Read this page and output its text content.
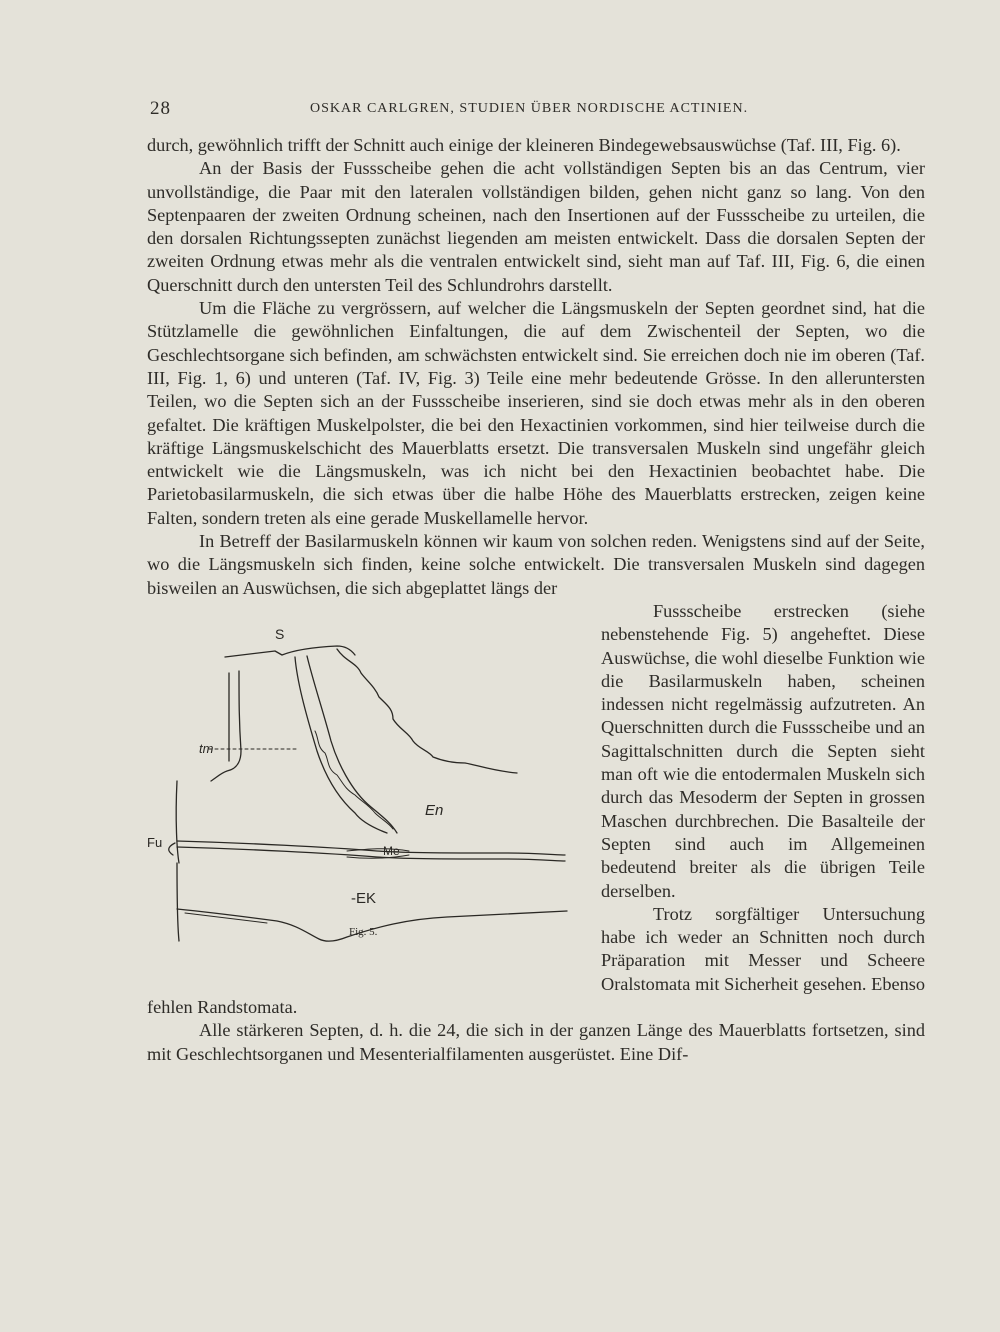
28	OSKAR CARLGREN, STUDIEN ÜBER NORDISCHE ACTINIEN.

durch, gewöhnlich trifft der Schnitt auch einige der kleineren Bindegewebsauswüchse (Taf. III, Fig. 6).

An der Basis der Fussscheibe gehen die acht vollständigen Septen bis an das Centrum, vier unvollständige, die Paar mit den lateralen vollständigen bilden, gehen nicht ganz so lang. Von den Septenpaaren der zweiten Ordnung scheinen, nach den Insertionen auf der Fussscheibe zu urteilen, die den dorsalen Richtungssepten zunächst liegenden am meisten entwickelt. Dass die dorsalen Septen der zweiten Ordnung etwas mehr als die ventralen entwickelt sind, sieht man auf Taf. III, Fig. 6, die einen Querschnitt durch den untersten Teil des Schlundrohrs darstellt.

Um die Fläche zu vergrössern, auf welcher die Längsmuskeln der Septen geordnet sind, hat die Stützlamelle die gewöhnlichen Einfaltungen, die auf dem Zwischenteil der Septen, wo die Geschlechtsorgane sich befinden, am schwächsten entwickelt sind. Sie erreichen doch nie im oberen (Taf. III, Fig. 1, 6) und unteren (Taf. IV, Fig. 3) Teile eine mehr bedeutende Grösse. In den alleruntersten Teilen, wo die Septen sich an der Fussscheibe inserieren, sind sie doch etwas mehr als in den oberen gefaltet. Die kräftigen Muskelpolster, die bei den Hexactinien vorkommen, sind hier teilweise durch die kräftige Längsmuskelschicht des Mauerblatts ersetzt. Die transversalen Muskeln sind ungefähr gleich entwickelt wie die Längsmuskeln, was ich nicht bei den Hexactinien beobachtet habe. Die Parietobasilarmuskeln, die sich etwas über die halbe Höhe des Mauerblatts erstrecken, zeigen keine Falten, sondern treten als eine gerade Muskellamelle hervor.

In Betreff der Basilarmuskeln können wir kaum von solchen reden. Wenigstens sind auf der Seite, wo die Längsmuskeln sich finden, keine solche entwickelt. Die transversalen Muskeln sind dagegen bisweilen an Auswüchsen, die sich abgeplattet längs der

S
tm
En
Fu
Me
-EK
Fig. 5.

Fussscheibe erstrecken (siehe nebenstehende Fig. 5) angeheftet. Diese Auswüchse, die wohl dieselbe Funktion wie die Basilarmuskeln haben, scheinen indessen nicht regelmässig aufzutreten. An Querschnitten durch die Fussscheibe und an Sagittalschnitten durch die Septen sieht man oft wie die entodermalen Muskeln sich durch das Mesoderm der Septen in grossen Maschen durchbrechen. Die Basalteile der Septen sind auch im Allgemeinen bedeutend breiter als die übrigen Teile derselben.

Trotz sorgfältiger Untersuchung habe ich weder an Schnitten noch durch Präparation mit Messer und Scheere Oralstomata mit Sicherheit gesehen. Ebenso fehlen Randstomata.

Alle stärkeren Septen, d. h. die 24, die sich in der ganzen Länge des Mauerblatts fortsetzen, sind mit Geschlechtsorganen und Mesenterialfilamenten ausgerüstet. Eine Dif-
